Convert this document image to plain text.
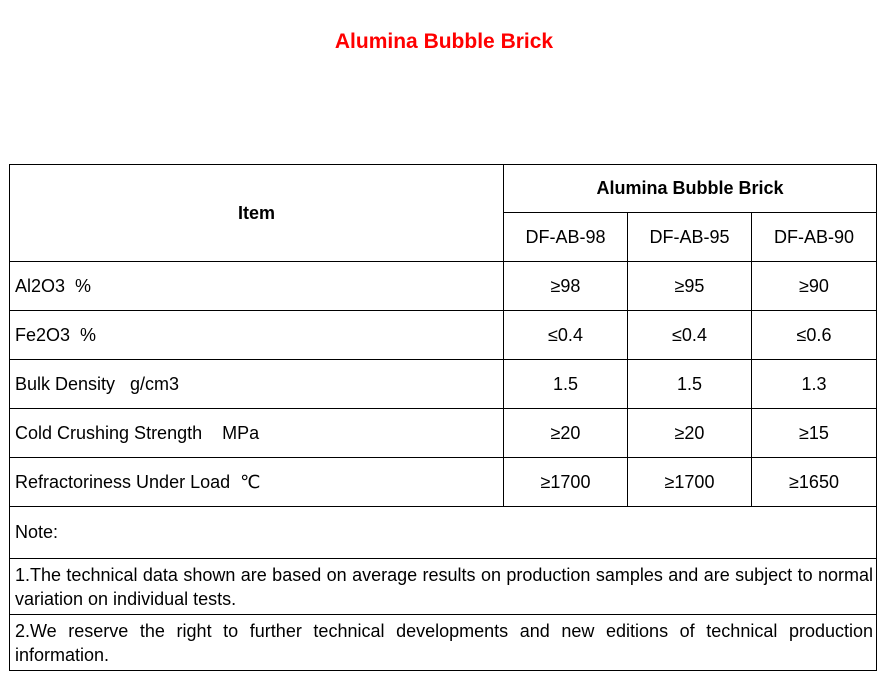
Alumina Bubble Brick
Item	Alumina Bubble Brick		
	DF-AB-98	DF-AB-95	DF-AB-90
Al2O3  %	≥98	≥95	≥90
Fe2O3  %	≤0.4	≤0.4	≤0.6
Bulk Density   g/cm3	1.5	1.5	1.3
Cold Crushing Strength    MPa	≥20	≥20	≥15
Refractoriness Under Load  ℃	≥1700	≥1700	≥1650
Note:			
1.The technical data shown are based on average results on production samples and are subject to normal variation on individual tests.			
2.We reserve the right to further technical developments and new editions of technical production information.			
